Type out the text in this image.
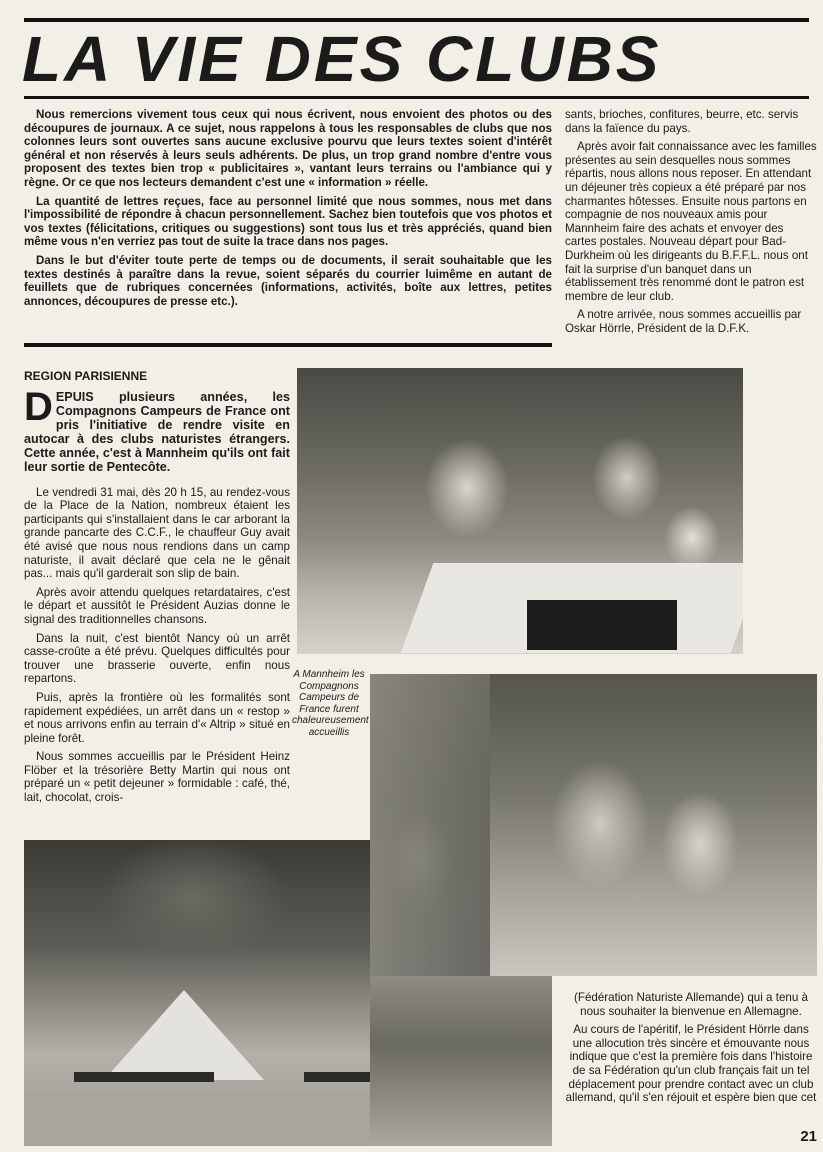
LA VIE DES CLUBS

Nous remercions vivement tous ceux qui nous écrivent, nous envoient des photos ou des découpures de journaux. A ce sujet, nous rappelons à tous les responsables de clubs que nos colonnes leurs sont ouvertes sans aucune exclusive pourvu que leurs textes soient d'intérêt général et non réservés à leurs seuls adhérents. De plus, un trop grand nombre d'entre vous proposent des textes bien trop « publicitaires », vantant leurs terrains ou l'ambiance qui y règne. Or ce que nos lecteurs demandent c'est une « information » réelle.

La quantité de lettres reçues, face au personnel limité que nous sommes, nous met dans l'impossibilité de répondre à chacun personnellement. Sachez bien toutefois que vos photos et vos textes (félicitations, critiques ou suggestions) sont tous lus et très appréciés, quand bien même vous n'en verriez pas tout de suite la trace dans nos pages.

Dans le but d'éviter toute perte de temps ou de documents, il serait souhaitable que les textes destinés à paraître dans la revue, soient séparés du courrier luimême en autant de feuillets que de rubriques concernées (informations, activités, boîte aux lettres, petites annonces, découpures de presse etc.).

sants, brioches, confitures, beurre, etc. servis dans la faïence du pays.

Après avoir fait connaissance avec les familles présentes au sein desquelles nous sommes répartis, nous allons nous reposer. En attendant un déjeuner très copieux a été préparé par nos charmantes hôtesses. Ensuite nous partons en compagnie de nos nouveaux amis pour Mannheim faire des achats et envoyer des cartes postales. Nouveau départ pour Bad-Durkheim où les dirigeants du B.F.F.L. nous ont fait la surprise d'un banquet dans un établissement très renommé dont le patron est membre de leur club.

A notre arrivée, nous sommes accueillis par Oskar Hörrle, Président de la D.F.K.

REGION PARISIENNE

DEPUIS plusieurs années, les Compagnons Campeurs de France ont pris l'initiative de rendre visite en autocar à des clubs naturistes étrangers. Cette année, c'est à Mannheim qu'ils ont fait leur sortie de Pentecôte.

Le vendredi 31 mai, dès 20 h 15, au rendez-vous de la Place de la Nation, nombreux étaient les participants qui s'installaient dans le car arborant la grande pancarte des C.C.F., le chauffeur Guy avait été avisé que nous nous rendions dans un camp naturiste, il avait déclaré que cela ne le gênait pas... mais qu'il garderait son slip de bain.

Après avoir attendu quelques retardataires, c'est le départ et aussitôt le Président Auzias donne le signal des traditionnelles chansons.

Dans la nuit, c'est bientôt Nancy où un arrêt casse-croûte a été prévu. Quelques difficultés pour trouver une brasserie ouverte, enfin nous repartons.

Puis, après la frontière où les formalités sont rapidement expédiées, un arrêt dans un « restop » et nous arrivons enfin au terrain d'« Altrip » situé en pleine forêt.

Nous sommes accueillis par le Président Heinz Flöber et la trésorière Betty Martin qui nous ont préparé un « petit dejeuner » formidable : café, thé, lait, chocolat, crois-

A Mannheim les Compagnons Campeurs de France furent chaleureusement accueillis

(Fédération Naturiste Allemande) qui a tenu à nous souhaiter la bienvenue en Allemagne.

Au cours de l'apéritif, le Président Hörrle dans une allocution très sincère et émouvante nous indique que c'est la première fois dans l'histoire de sa Fédération qu'un club français fait un tel déplacement pour prendre contact avec un club allemand, qu'il s'en réjouit et espère bien que cet

21
